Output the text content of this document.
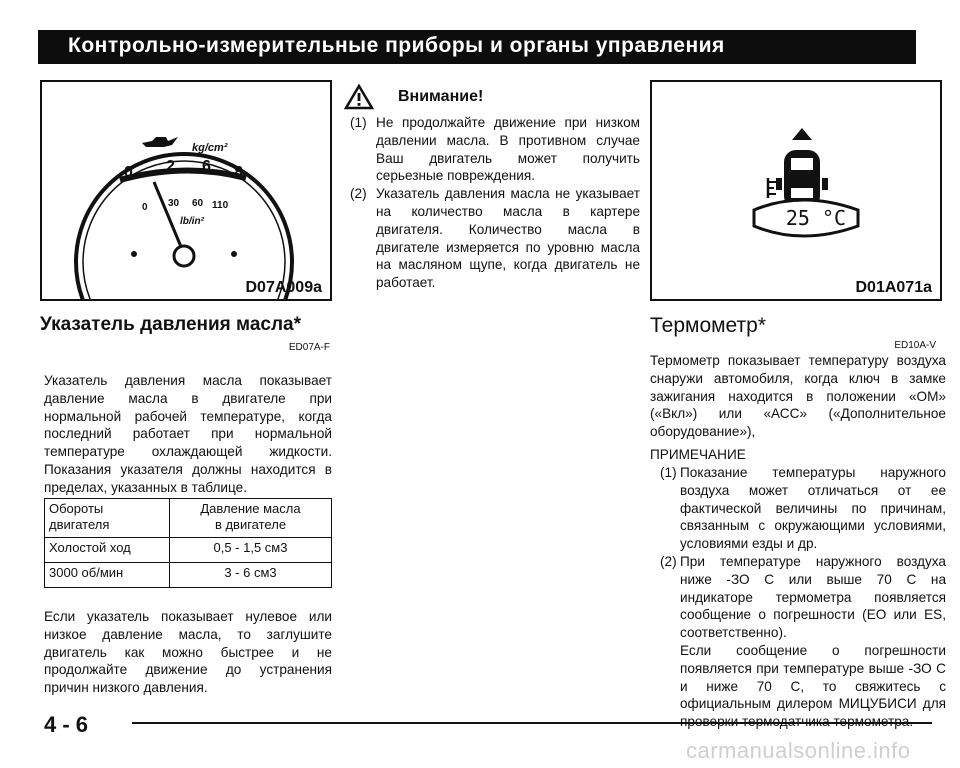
Контрольно-измерительные приборы и органы управления
kg/cm²
0 2 6 8
0 30 60 110
lb/in²
D07A009a
Указатель давления масла*
ED07A-F
Указатель давления масла показывает давление масла в двигателе при нормальной рабочей температуре, когда последний работает при нормальной температуре охлаждающей жидкости. Показания указателя должны находится в пределах, указанных в таблице.
Обороты двигателя	Давление масла в двигателе
Холостой ход	0,5 - 1,5 см3
3000 об/мин	3 - 6 см3
Если указатель показывает нулевое или низкое давление масла, то заглушите двигатель как можно быстрее и не продолжайте движение до устранения причин низкого давления.
Внимание!
(1) Не продолжайте движение при низком давлении масла. В противном случае Ваш двигатель может получить серьезные повреждения.
(2) Указатель давления масла не указывает на количество масла в картере двигателя. Количество масла в двигателе измеряется по уровню масла на масляном щупе, когда двигатель не работает.
25 °C
D01A071a
Термометр*
ED10A-V
Термометр показывает температуру воздуха снаружи автомобиля, когда ключ в замке зажигания находится в положении «ОМ» («Вкл») или «АСС» («Дополнительное оборудование»),
ПРИМЕЧАНИЕ
(1) Показание температуры наружного воздуха может отличаться от ее фактической величины по причинам, связанным с окружающими условиями, условиями езды и др.
(2) При температуре наружного воздуха ниже -ЗО С или выше 70 С на индикаторе термометра появляется сообщение о погрешности (ЕО или ES, соответственно).
Если сообщение о погрешности появляется при температуре выше -ЗО С и ниже 70 С, то свяжитесь с официальным дилером МИЦУБИСИ для
4 - 6
carmanualsonline.info
